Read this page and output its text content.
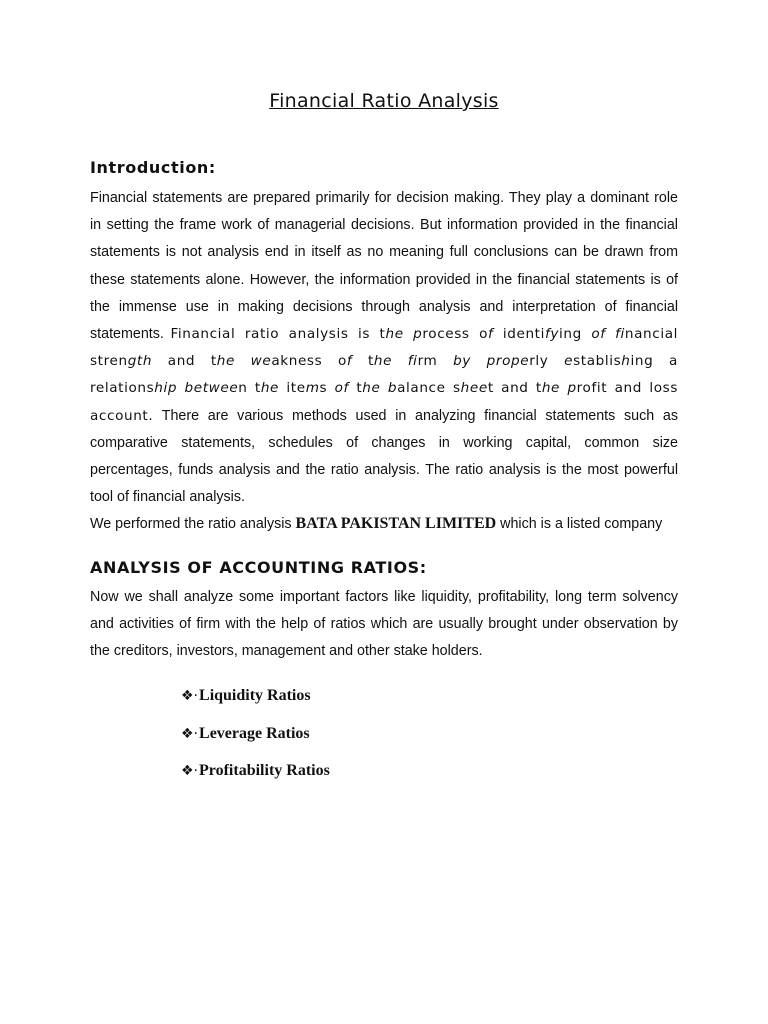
Financial Ratio Analysis
Introduction:

Financial statements are prepared primarily for decision making. They play a dominant role in setting the frame work of managerial decisions. But information provided in the financial statements is not analysis end in itself as no meaning full conclusions can be drawn from these statements alone. However, the information provided in the financial statements is of the immense use in making decisions through analysis and interpretation of financial statements. Financial ratio analysis is the process of identifying of financial strength and the weakness of the firm by properly establishing a relationship between the items of the balance sheet and the profit and loss account. There are various methods used in analyzing financial statements such as comparative statements, schedules of changes in working capital, common size percentages, funds analysis and the ratio analysis. The ratio analysis is the most powerful tool of financial analysis.

We performed the ratio analysis BATA PAKISTAN LIMITED which is a listed company

ANALYSIS OF ACCOUNTING RATIOS:

Now we shall analyze some important factors like liquidity, profitability, long term solvency and activities of firm with the help of ratios which are usually brought under observation by the creditors, investors, management and other stake holders.

❖·Liquidity Ratios
❖·Leverage Ratios
❖·Profitability Ratios
